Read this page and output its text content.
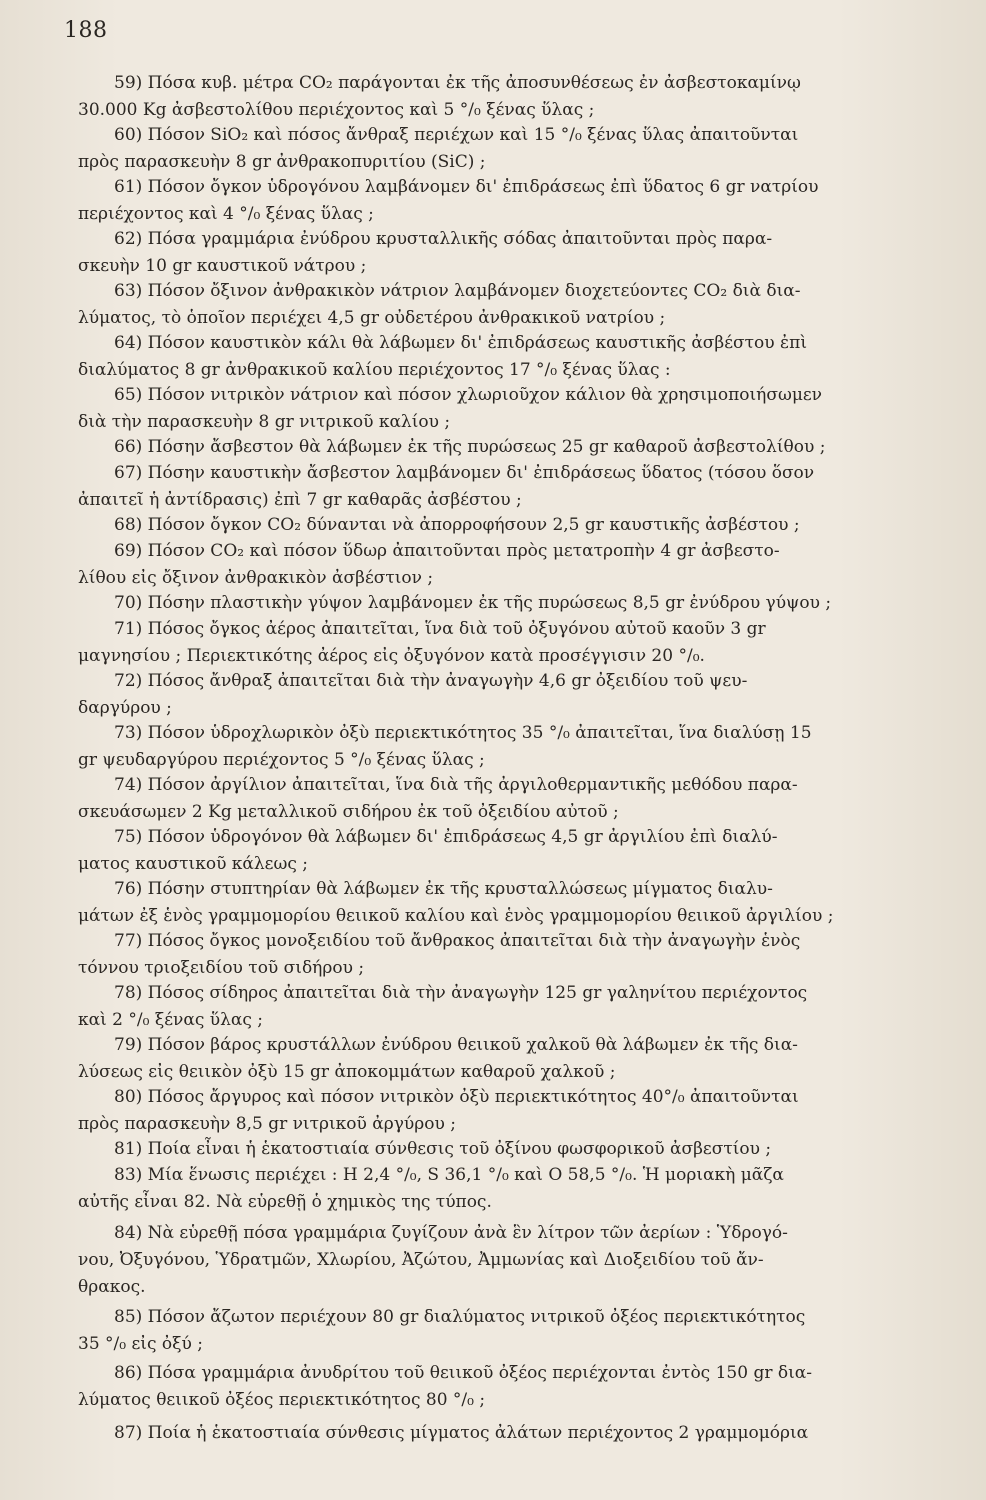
188
59) Πόσα κυβ. μέτρα CO₂ παράγονται ἐκ τῆς ἀποσυνθέσεως ἐν ἀσβεστοκαμίνῳ
30.000 Kg ἀσβεστολίθου περιέχοντος καὶ 5 °/₀ ξένας ὕλας ;
60) Πόσον SiO₂ καὶ πόσος ἄνθραξ περιέχων καὶ 15 °/₀ ξένας ὕλας ἀπαιτοῦνται
πρὸς παρασκευὴν 8 gr ἀνθρακοπυριτίου (SiC) ;
61) Πόσον ὄγκον ὑδρογόνου λαμβάνομεν δι' ἐπιδράσεως ἐπὶ ὕδατος 6 gr νατρίου
περιέχοντος καὶ 4 °/₀ ξένας ὕλας ;
62) Πόσα γραμμάρια ἐνύδρου κρυσταλλικῆς σόδας ἀπαιτοῦνται πρὸς παρα-
σκευὴν 10 gr καυστικοῦ νάτρου ;
63) Πόσον ὄξινον ἀνθρακικὸν νάτριον λαμβάνομεν διοχετεύοντες CO₂ διὰ δια-
λύματος, τὸ ὁποῖον περιέχει 4,5 gr οὐδετέρου ἀνθρακικοῦ νατρίου ;
64) Πόσον καυστικὸν κάλι θὰ λάβωμεν δι' ἐπιδράσεως καυστικῆς ἀσβέστου ἐπὶ
διαλύματος 8 gr ἀνθρακικοῦ καλίου περιέχοντος 17 °/₀ ξένας ὕλας :
65) Πόσον νιτρικὸν νάτριον καὶ πόσον χλωριοῦχον κάλιον θὰ χρησιμοποιήσωμεν
διὰ τὴν παρασκευὴν 8 gr νιτρικοῦ καλίου ;
66) Πόσην ἄσβεστον θὰ λάβωμεν ἐκ τῆς πυρώσεως 25 gr καθαροῦ ἀσβεστολίθου ;
67) Πόσην καυστικὴν ἄσβεστον λαμβάνομεν δι' ἐπιδράσεως ὕδατος (τόσου ὅσον
ἀπαιτεῖ ἡ ἀντίδρασις) ἐπὶ 7 gr καθαρᾶς ἀσβέστου ;
68) Πόσον ὄγκον CO₂ δύνανται νὰ ἀπορροφήσουν 2,5 gr καυστικῆς ἀσβέστου ;
69) Πόσον CO₂ καὶ πόσον ὕδωρ ἀπαιτοῦνται πρὸς μετατροπὴν 4 gr ἀσβεστο-
λίθου εἰς ὄξινον ἀνθρακικὸν ἀσβέστιον ;
70) Πόσην πλαστικὴν γύψον λαμβάνομεν ἐκ τῆς πυρώσεως 8,5 gr ἐνύδρου γύψου ;
71) Πόσος ὄγκος ἀέρος ἀπαιτεῖται, ἵνα διὰ τοῦ ὀξυγόνου αὐτοῦ καοῦν 3 gr
μαγνησίου ; Περιεκτικότης ἀέρος εἰς ὀξυγόνον κατὰ προσέγγισιν 20 °/₀.
72) Πόσος ἄνθραξ ἀπαιτεῖται διὰ τὴν ἀναγωγὴν 4,6 gr ὀξειδίου τοῦ ψευ-
δαργύρου ;
73) Πόσον ὑδροχλωρικὸν ὀξὺ περιεκτικότητος 35 °/₀ ἀπαιτεῖται, ἵνα διαλύσῃ 15
gr ψευδαργύρου περιέχοντος 5 °/₀ ξένας ὕλας ;
74) Πόσον ἀργίλιον ἀπαιτεῖται, ἵνα διὰ τῆς ἀργιλοθερμαντικῆς μεθόδου παρα-
σκευάσωμεν 2 Kg μεταλλικοῦ σιδήρου ἐκ τοῦ ὀξειδίου αὐτοῦ ;
75) Πόσον ὑδρογόνον θὰ λάβωμεν δι' ἐπιδράσεως 4,5 gr ἀργιλίου ἐπὶ διαλύ-
ματος καυστικοῦ κάλεως ;
76) Πόσην στυπτηρίαν θὰ λάβωμεν ἐκ τῆς κρυσταλλώσεως μίγματος διαλυ-
μάτων ἐξ ἑνὸς γραμμομορίου θειικοῦ καλίου καὶ ἑνὸς γραμμομορίου θειικοῦ ἀργιλίου ;
77) Πόσος ὄγκος μονοξειδίου τοῦ ἄνθρακος ἀπαιτεῖται διὰ τὴν ἀναγωγὴν ἑνὸς
τόννου τριοξειδίου τοῦ σιδήρου ;
78) Πόσος σίδηρος ἀπαιτεῖται διὰ τὴν ἀναγωγὴν 125 gr γαληνίτου περιέχοντος
καὶ 2 °/₀ ξένας ὕλας ;
79) Πόσον βάρος κρυστάλλων ἐνύδρου θειικοῦ χαλκοῦ θὰ λάβωμεν ἐκ τῆς δια-
λύσεως εἰς θειικὸν ὀξὺ 15 gr ἀποκομμάτων καθαροῦ χαλκοῦ ;
80) Πόσος ἄργυρος καὶ πόσον νιτρικὸν ὀξὺ περιεκτικότητος 40°/₀ ἀπαιτοῦνται
πρὸς παρασκευὴν 8,5 gr νιτρικοῦ ἀργύρου ;
81) Ποία εἶναι ἡ ἑκατοστιαία σύνθεσις τοῦ ὀξίνου φωσφορικοῦ ἀσβεστίου ;
83) Μία ἕνωσις περιέχει : H 2,4 °/₀, S 36,1 °/₀ καὶ O 58,5 °/₀. Ἡ μοριακὴ μᾶζα
αὐτῆς εἶναι 82. Νὰ εὑρεθῇ ὁ χημικὸς της τύπος.
84) Νὰ εὑρεθῇ πόσα γραμμάρια ζυγίζουν ἀνὰ ἓν λίτρον τῶν ἀερίων : Ὑδρογό-
νου, Ὀξυγόνου, Ὑδρατμῶν, Χλωρίου, Ἀζώτου, Ἀμμωνίας καὶ Διοξειδίου τοῦ ἄν-
θρακος.
85) Πόσον ἄζωτον περιέχουν 80 gr διαλύματος νιτρικοῦ ὀξέος περιεκτικότητος
35 °/₀ εἰς ὀξύ ;
86) Πόσα γραμμάρια ἀνυδρίτου τοῦ θειικοῦ ὀξέος περιέχονται ἐντὸς 150 gr δια-
λύματος θειικοῦ ὀξέος περιεκτικότητος 80 °/₀ ;
87) Ποία ἡ ἑκατοστιαία σύνθεσις μίγματος ἀλάτων περιέχοντος 2 γραμμομόρια
